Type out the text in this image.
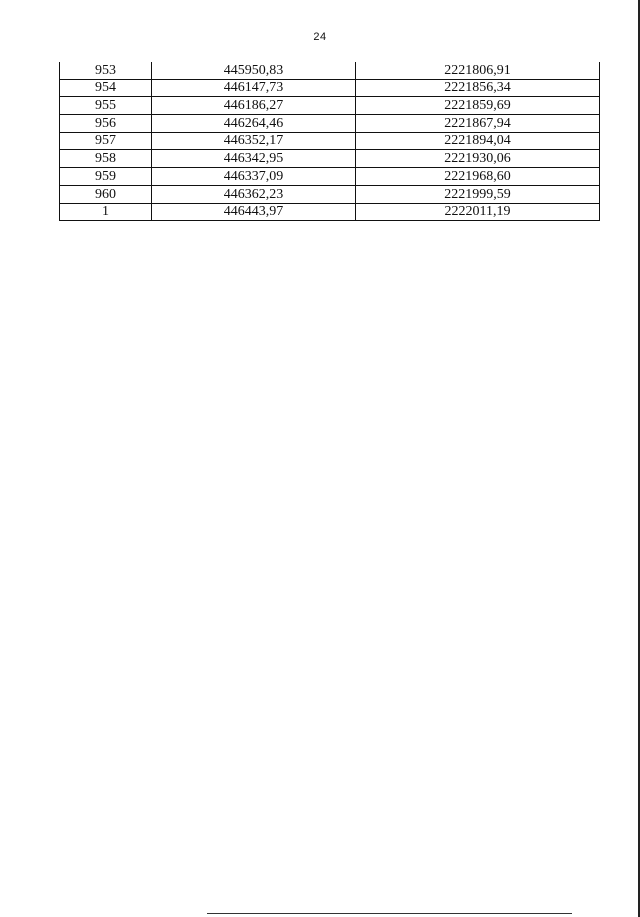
24
953	445950,83	2221806,91
954	446147,73	2221856,34
955	446186,27	2221859,69
956	446264,46	2221867,94
957	446352,17	2221894,04
958	446342,95	2221930,06
959	446337,09	2221968,60
960	446362,23	2221999,59
1	446443,97	2222011,19
